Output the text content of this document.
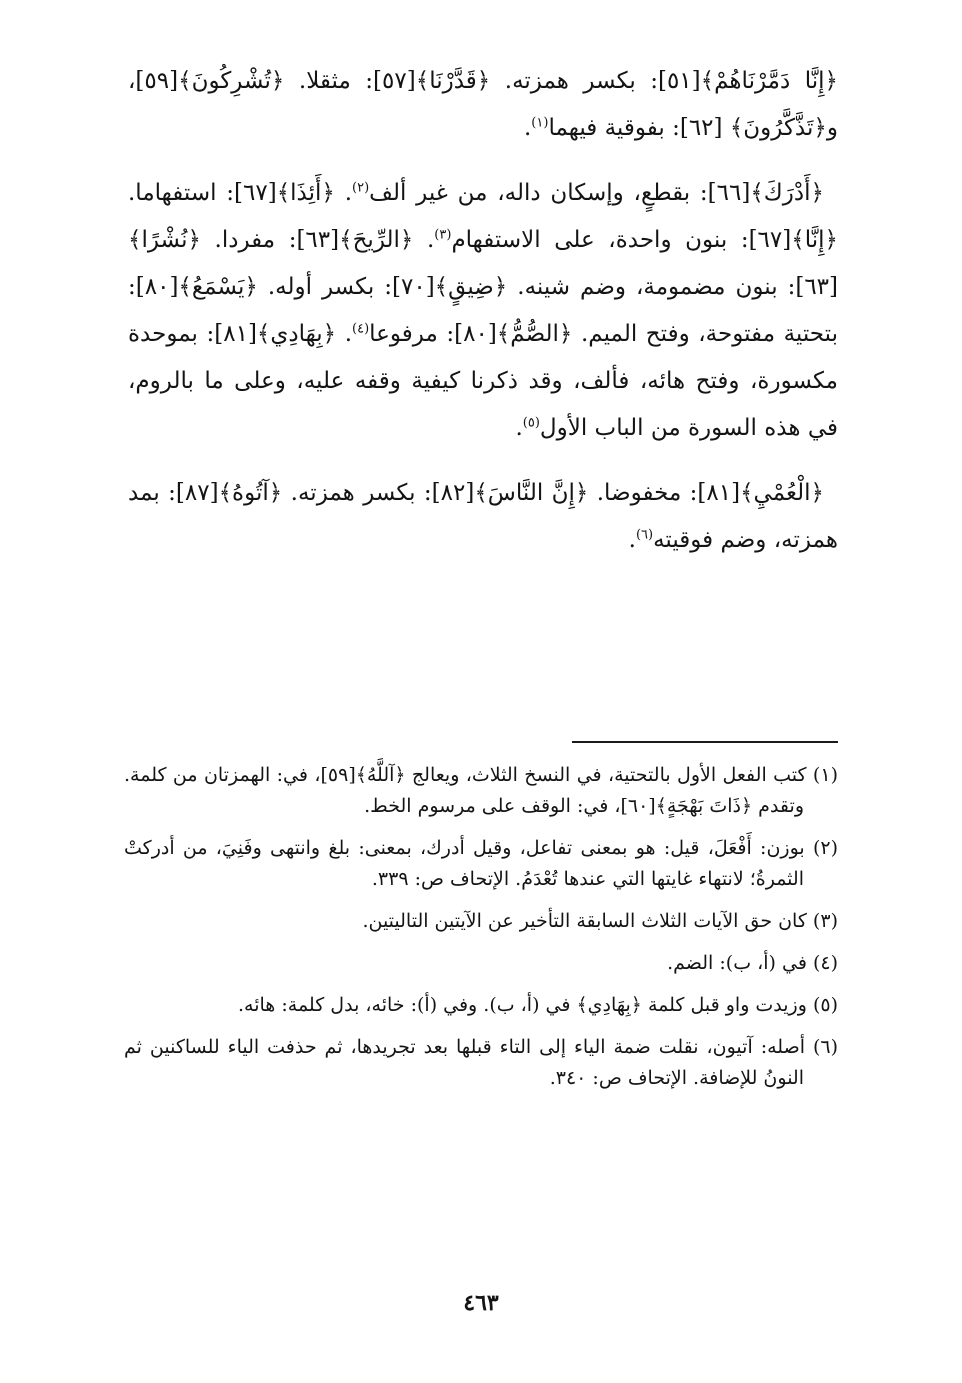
﴿إِنَّا دَمَّرْنَاهُمْ﴾[٥١]: بكسر همزته. ﴿قَدَّرْنَا﴾[٥٧]: مثقلا. ﴿تُشْرِكُونَ﴾[٥٩]، و﴿تَذَّكَّرُونَ﴾ [٦٢]: بفوقية فيهما$^{(١)}$.

﴿أَدْرَكَ﴾[٦٦]: بقطعٍ، وإسكان داله، من غير ألف$^{(٢)}$. ﴿أَئِذَا﴾[٦٧]: استفهاما. ﴿إِنَّا﴾[٦٧]: بنون واحدة، على الاستفهام$^{(٣)}$. ﴿الرِّيحَ﴾[٦٣]: مفردا. ﴿نُشْرًا﴾[٦٣]: بنون مضمومة، وضم شينه. ﴿ضِيقٍ﴾[٧٠]: بكسر أوله. ﴿يَسْمَعُ﴾[٨٠]: بتحتية مفتوحة، وفتح الميم. ﴿الصُّمُّ﴾[٨٠]: مرفوعا$^{(٤)}$. ﴿بِهَادِي﴾[٨١]: بموحدة مكسورة، وفتح هائه، فألف، وقد ذكرنا كيفية وقفه عليه، وعلى ما بالروم، في هذه السورة من الباب الأول$^{(٥)}$.

﴿الْعُمْيِ﴾[٨١]: مخفوضا. ﴿إِنَّ النَّاسَ﴾[٨٢]: بكسر همزته. ﴿آتُوهُ﴾[٨٧]: بمد همزته، وضم فوقيته$^{(٦)}$.

(١) كتب الفعل الأول بالتحتية، في النسخ الثلاث، ويعالج ﴿آللَّهُ﴾[٥٩]، في: الهمزتان من كلمة. وتقدم ﴿ذَاتَ بَهْجَةٍ﴾[٦٠]، في: الوقف على مرسوم الخط.

(٢) بوزن: أَفْعَلَ، قيل: هو بمعنى تفاعل، وقيل أدرك، بمعنى: بلغ وانتهى وفَنِيَ، من أدركتْ الثمرةُ؛ لانتهاء غايتها التي عندها تُعْدَمُ. الإتحاف ص: ٣٣٩.

(٣) كان حق الآيات الثلاث السابقة التأخير عن الآيتين التاليتين.

(٤) في (أ، ب): الضم.

(٥) وزيدت واو قبل كلمة ﴿بِهَادِي﴾ في (أ، ب). وفي (أ): خائه، بدل كلمة: هائه.

(٦) أصله: آتيون، نقلت ضمة الياء إلى التاء قبلها بعد تجريدها، ثم حذفت الياء للساكنين ثم النونُ للإضافة. الإتحاف ص: ٣٤٠.

٤٦٣
